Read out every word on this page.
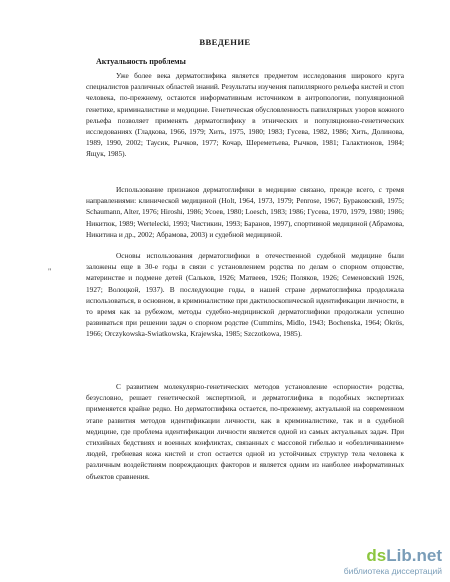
ВВЕДЕНИЕ
Актуальность проблемы

Уже более века дерматоглифика является предметом исследования широкого круга специалистов различных областей знаний. Результаты изучения папиллярного рельефа кистей и стоп человека, по-прежнему, остаются информативным источником в антропологии, популяционной генетике, криминалистике и медицине. Генетическая обусловленность папиллярных узоров кожного рельефа позволяет применять дерматоглифику в этнических и популяционно-генетических исследованиях (Гладкова, 1966, 1979; Хить, 1975, 1980; 1983; Гусева, 1982, 1986; Хить, Долинова, 1989, 1990, 2002; Таусик, Рычков, 1977; Кочар, Шереметьева, Рычков, 1981; Галактионов, 1984; Ящук, 1985).

Использование признаков дерматоглифики в медицине связано, прежде всего, с тремя направлениями: клинической медициной (Holt, 1964, 1973, 1979; Penrose, 1967; Бураковский, 1975; Schaumann, Alter, 1976; Hiroshi, 1986; Усоев, 1980; Loesch, 1983; 1986; Гусева, 1970, 1979, 1980; 1986; Никитюк, 1989; Wertelecki, 1993; Чистикин, 1993; Баранов, 1997), спортивной медициной (Абрамова, Никитина и др., 2002; Абрамова, 2003) и судебной медициной.

Основы использования дерматоглифики в отечественной судебной медицине были заложены еще в 30-е годы в связи с установлением родства по делам о спорном отцовстве, материнстве и подмене детей (Сальков, 1926; Матвеев, 1926; Поляков, 1926; Семеновский 1926, 1927; Волоцкой, 1937). В последующие годы, в нашей стране дерматоглифика продолжала использоваться, в основном, в криминалистике при дактилоскопической идентификации личности, в то время как за рубежом, методы судебно-медицинской дерматоглифики продолжали успешно развиваться при решении задач о спорном родстве (Cummins, Midlo, 1943; Bochenska, 1964; Ökrös, 1966; Orczykowska-Swiatkowska, Krajewska, 1985; Szczotkowa, 1985).

С развитием молекулярно-генетических методов установление «спорности» родства, безусловно, решает генетической экспертизой, и дерматоглифика в подобных экспертизах применяется крайне редко. Но дерматоглифика остается, по-прежнему, актуальной на современном этапе развития методов идентификации личности, как в криминалистике, так и в судебной медицине, где проблема идентификации личности является одной из самых актуальных задач. При стихийных бедствиях и военных конфликтах, связанных с массовой гибелью и «обезличиванием» людей, гребневая кожа кистей и стоп остается одной из устойчивых структур тела человека к различным воздействиям повреждающих факторов и является одним из наиболее информативных объектов сравнения.

"
dsLib.net
библиотека диссертаций
